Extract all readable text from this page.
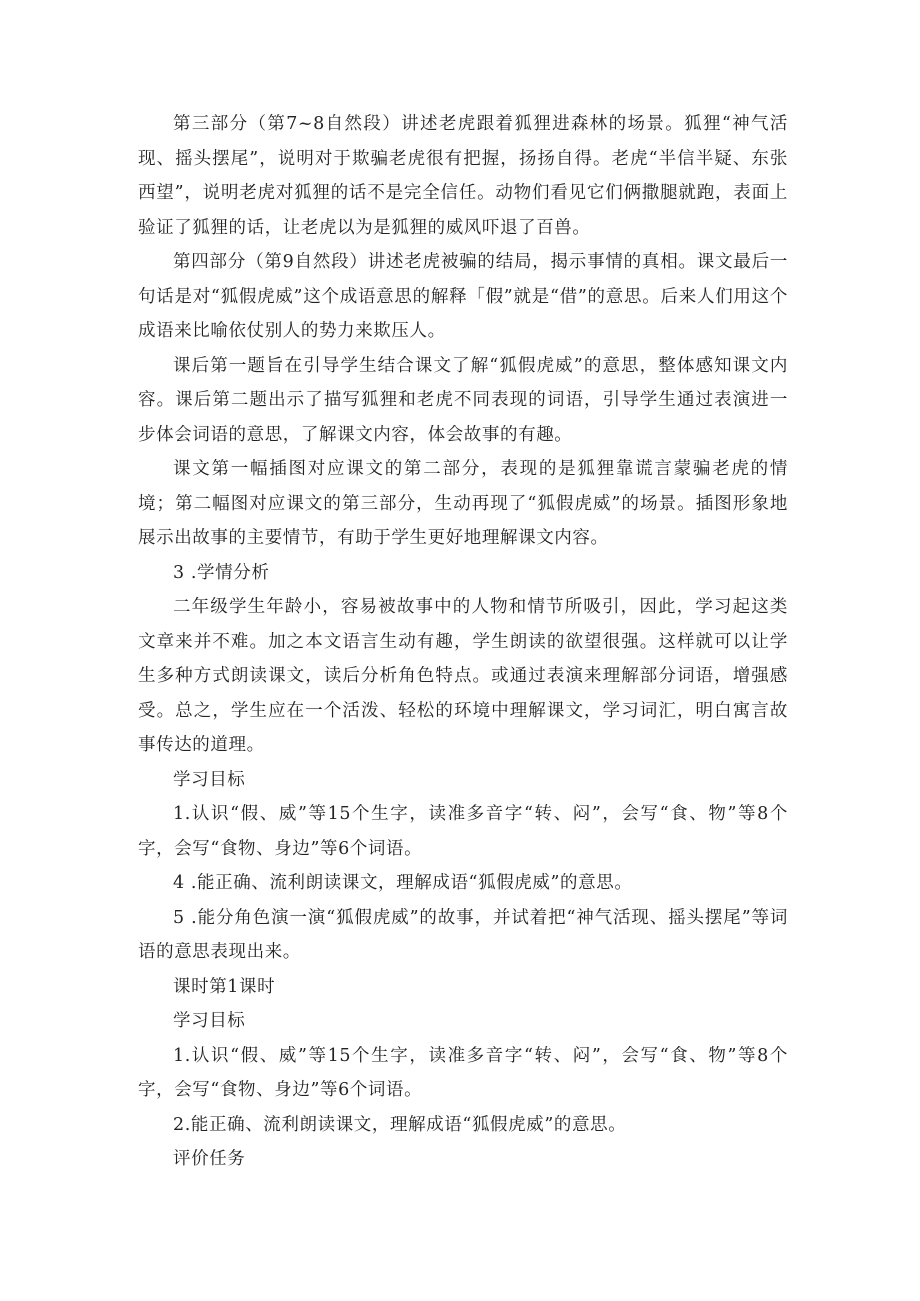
第三部分（第7~8自然段）讲述老虎跟着狐狸进森林的场景。狐狸“神气活现、摇头摆尾”，说明对于欺骗老虎很有把握，扬扬自得。老虎“半信半疑、东张西望”，说明老虎对狐狸的话不是完全信任。动物们看见它们俩撒腿就跑，表面上验证了狐狸的话，让老虎以为是狐狸的威风吓退了百兽。

第四部分（第9自然段）讲述老虎被骗的结局，揭示事情的真相。课文最后一句话是对“狐假虎威”这个成语意思的解释「假”就是“借”的意思。后来人们用这个成语来比喻依仗别人的势力来欺压人。

课后第一题旨在引导学生结合课文了解“狐假虎威”的意思，整体感知课文内容。课后第二题出示了描写狐狸和老虎不同表现的词语，引导学生通过表演进一步体会词语的意思，了解课文内容，体会故事的有趣。

课文第一幅插图对应课文的第二部分，表现的是狐狸靠谎言蒙骗老虎的情境；第二幅图对应课文的第三部分，生动再现了“狐假虎威”的场景。插图形象地展示出故事的主要情节，有助于学生更好地理解课文内容。

3 .学情分析

二年级学生年龄小，容易被故事中的人物和情节所吸引，因此，学习起这类文章来并不难。加之本文语言生动有趣，学生朗读的欲望很强。这样就可以让学生多种方式朗读课文，读后分析角色特点。或通过表演来理解部分词语，增强感受。总之，学生应在一个活泼、轻松的环境中理解课文，学习词汇，明白寓言故事传达的道理。

学习目标

1.认识“假、威”等15个生字，读准多音字“转、闷”，会写“食、物”等8个字，会写“食物、身边”等6个词语。

4 .能正确、流利朗读课文，理解成语“狐假虎威”的意思。

5 .能分角色演一演“狐假虎威”的故事，并试着把“神气活现、摇头摆尾”等词语的意思表现出来。

课时第1课时

学习目标

1.认识“假、威”等15个生字，读准多音字“转、闷”，会写“食、物”等8个字，会写“食物、身边”等6个词语。

2.能正确、流利朗读课文，理解成语“狐假虎威”的意思。

评价任务
